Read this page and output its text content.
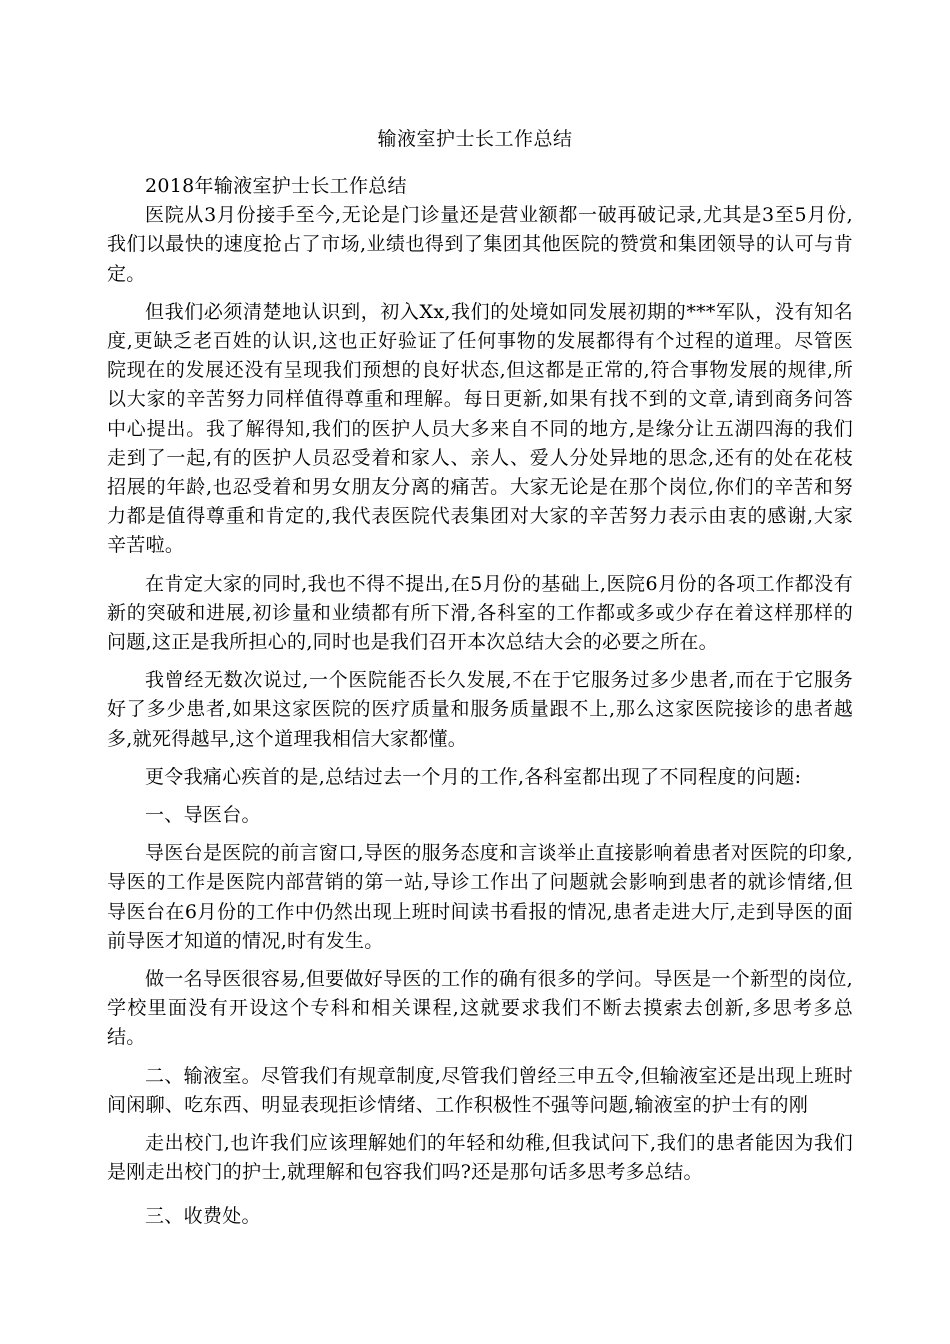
输液室护士长工作总结

2018年输液室护士长工作总结

医院从3月份接手至今,无论是门诊量还是营业额都一破再破记录,尤其是3至5月份,我们以最快的速度抢占了市场,业绩也得到了集团其他医院的赞赏和集团领导的认可与肯定。

但我们必须清楚地认识到，初入Xx,我们的处境如同发展初期的***军队，没有知名度,更缺乏老百姓的认识,这也正好验证了任何事物的发展都得有个过程的道理。尽管医院现在的发展还没有呈现我们预想的良好状态,但这都是正常的,符合事物发展的规律,所以大家的辛苦努力同样值得尊重和理解。每日更新,如果有找不到的文章,请到商务问答中心提出。我了解得知,我们的医护人员大多来自不同的地方,是缘分让五湖四海的我们走到了一起,有的医护人员忍受着和家人、亲人、爱人分处异地的思念,还有的处在花枝招展的年龄,也忍受着和男女朋友分离的痛苦。大家无论是在那个岗位,你们的辛苦和努力都是值得尊重和肯定的,我代表医院代表集团对大家的辛苦努力表示由衷的感谢,大家辛苦啦。

在肯定大家的同时,我也不得不提出,在5月份的基础上,医院6月份的各项工作都没有新的突破和进展,初诊量和业绩都有所下滑,各科室的工作都或多或少存在着这样那样的问题,这正是我所担心的,同时也是我们召开本次总结大会的必要之所在。

我曾经无数次说过,一个医院能否长久发展,不在于它服务过多少患者,而在于它服务好了多少患者,如果这家医院的医疗质量和服务质量跟不上,那么这家医院接诊的患者越多,就死得越早,这个道理我相信大家都懂。

更令我痛心疾首的是,总结过去一个月的工作,各科室都出现了不同程度的问题:

一、导医台。

导医台是医院的前言窗口,导医的服务态度和言谈举止直接影响着患者对医院的印象,导医的工作是医院内部营销的第一站,导诊工作出了问题就会影响到患者的就诊情绪,但导医台在6月份的工作中仍然出现上班时间读书看报的情况,患者走进大厅,走到导医的面前导医才知道的情况,时有发生。

做一名导医很容易,但要做好导医的工作的确有很多的学问。导医是一个新型的岗位,学校里面没有开设这个专科和相关课程,这就要求我们不断去摸索去创新,多思考多总结。

二、输液室。尽管我们有规章制度,尽管我们曾经三申五令,但输液室还是出现上班时间闲聊、吃东西、明显表现拒诊情绪、工作积极性不强等问题,输液室的护士有的刚

走出校门,也许我们应该理解她们的年轻和幼稚,但我试问下,我们的患者能因为我们是刚走出校门的护士,就理解和包容我们吗?还是那句话多思考多总结。

三、收费处。
